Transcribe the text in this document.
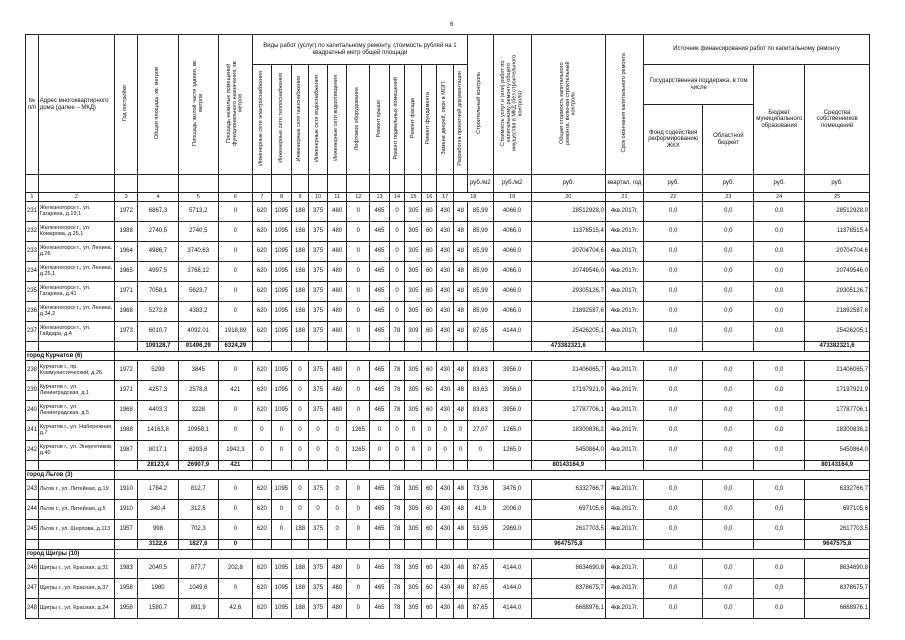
6
№ п/п	Адрес многоквартирного дома (далее – МКД)	Год постройки	Общая площадь, кв. метров	Площадь жилой части здания, кв. метров	Площадь нежилых помещений функционального назначения, кв. метров	Виды работ (услуг) по капитальному ремонту, стоимость рублей на 1 квадратный метр общей площади												Строительный контроль	Стоимость услуг и (или) работ по капитальному ремонту общего имущества в МКД (без строительного контроля)	Общая стоимость капитального ремонта, включая строительный контроль	Срок окончания капитального ремонта	Источник финансирования работ по капитальному ремонту			
						Инженерные сети электроснабжения	Инженерные сети теплоснабжения	Инженерные сети газоснабжения	Инженерные сети водоснабжения	Инженерные сети водоотведения	Лифтовое оборудование	Ремонт крыши	Ремонт подвальных помещений	Ремонт фасада	Ремонт фундамента	Замена дверей, окон в МОП	Разработка проектной документации					Государственная поддержка, в том числе		Бюджет муниципального образования	Средства собственников помещений
																						Фонд содействия реформированию ЖКХ	Областной бюджет		
																		руб./м2	руб./м2	руб.	квартал, год	руб.	руб.	руб.	руб.
1	2	3	4	5	6	7	8	9	10	11	12	13	14	15	16	17	18		19	20	21	22	23	24	25
231	Железногорск г., ул. Гагарина, д.19,1	1972	6867,3	5713,2	0	620	1095	188	375	480	0	465	0	305	60	430	48	85,99	4066,0	28512928,0	4кв.2017г.	0,0	0,0	0,0	28512928,0
232	Железногорск г., ул. Комарова, д.25,1	1988	2740,5	2740,5	0	620	1095	188	375	480	0	465	0	305	60	430	48	85,99	4066,0	11378515,4	4кв.2017г.	0,0	0,0	0,0	11378515,4
233	Железногорск г., ул. Ленина, д.26	1964	4986,7	3740,63	0	620	1095	188	375	480	0	465	0	305	60	430	48	85,99	4066,0	20704704,6	4кв.2017г.	0,0	0,0	0,0	20704704,6
234	Железногорск г., ул. Ленина, д.25,1	1965	4997,5	3768,12	0	620	1095	188	375	480	0	465	0	305	60	430	48	85,99	4066,0	20749546,0	4кв.2017г.	0,0	0,0	0,0	20749546,0
235	Железногорск г., ул. Гагарина, д.41	1971	7058,1	5623,7	0	620	1095	188	375	480	0	465	0	305	60	430	48	85,99	4066,0	29305126,7	4кв.2017г.	0,0	0,0	0,0	29305126,7
236	Железногорск г., ул. Ленина, д.34,2	1968	5272,8	4383,2	0	620	1095	188	375	480	0	465	0	305	60	430	48	85,99	4066,0	21892587,6	4кв.2017г.	0,0	0,0	0,0	21892587,6
237	Железногорск г., ул. Гайдара, д.4	1973	6010,7	4092,01	1918,89	620	1095	188	375	480	0	465	78	309	60	430	48	87,65	4144,0	25426205,1	4кв.2017г.	0,0	0,0	0,0	25426205,1
			109128,7	91496,29	6324,29															473382321,6					473382321,6
город Курчатов (6)																									
238	Курчатов г., пр. Коммунистический, д.26	1972	5299	3845	0	620	1095	0	375	480	0	465	78	305	60	430	48	83,63	3956,0	21406065,7	4кв.2017г.	0,0	0,0	0,0	21406065,7
239	Курчатов г., ул. Ленинградская, д.1	1971	4257,3	2578,8	421	620	1095	0	375	480	0	465	78	305	60	430	48	83,63	3956,0	17197921,9	4кв.2017г.	0,0	0,0	0,0	17197921,9
240	Курчатов г., ул. Ленинградская, д.5	1968	4403,3	3228	0	620	1095	0	375	480	0	465	78	305	60	430	48	83,63	3956,0	17787706,1	4кв.2017г.	0,0	0,0	0,0	17787706,1
241	Курчатов г., ул. Набережная, д.7	1988	14163,8	10958,1	0	0	0	0	0	0	1265	0	0	0	0	0	0	27,07	1265,0	18300836,2	4кв.2017г.	0,0	0,0	0,0	18300836,2
242	Курчатов г., ул. Энергетиков, д.40	1987	8017,1	6293,6	1942,3	0	0	0	0	0	1265	0	0	0	0	0	0	0	1265,0	5450864,0	4кв.2017г.	0,0	0,0	0,0	5450864,0
			28123,4	26907,9	421															80143164,9					80143164,9
город Льгов (3)																									
243	Льгов г., ул. Литейная, д.19	1910	1784,2	812,7	0	620	1095	0	375	0	0	465	78	305	60	430	48	73,36	3476,0	6332766,7	4кв.2017г.	0,0	0,0	0,0	6332766,7
244	Льгов г., ул. Литейная, д.5	1910	340,4	312,6	0	620	0	0	0	0	0	465	78	305	60	430	48	41,9	2006,0	697105,6	4кв.2017г.	0,0	0,0	0,0	697105,6
245	Льгов г., ул. Шерлова, д.113	1957	998	702,3	0	620	0	188	375	0	0	465	78	305	60	430	48	53,95	2969,0	2617703,5	4кв.2017г.	0,0	0,0	0,0	2617703,5
			3122,6	1827,6	0															9647575,8					9647575,8
город Щигры (10)																									
246	Щигры г., ул. Красная, д.31	1983	2040,5	877,7	202,8	620	1095	188	375	480	0	465	78	305	60	430	48	87,65	4144,0	8634690,8	4кв.2017г.	0,0	0,0	0,0	8634690,8
247	Щигры г., ул. Красная, д.37	1958	1980	1049,6	0	620	1095	188	375	480	0	465	78	305	60	430	48	87,65	4144,0	8378675,7	4кв.2017г.	0,0	0,0	0,0	8378675,7
248	Щигры г., ул. Красная, д.24	1958	1580,7	891,9	42,6	620	1095	188	375	480	0	465	78	305	60	430	48	87,65	4144,0	6668976,1	4кв.2017г.	0,0	0,0	0,0	6668976,1
